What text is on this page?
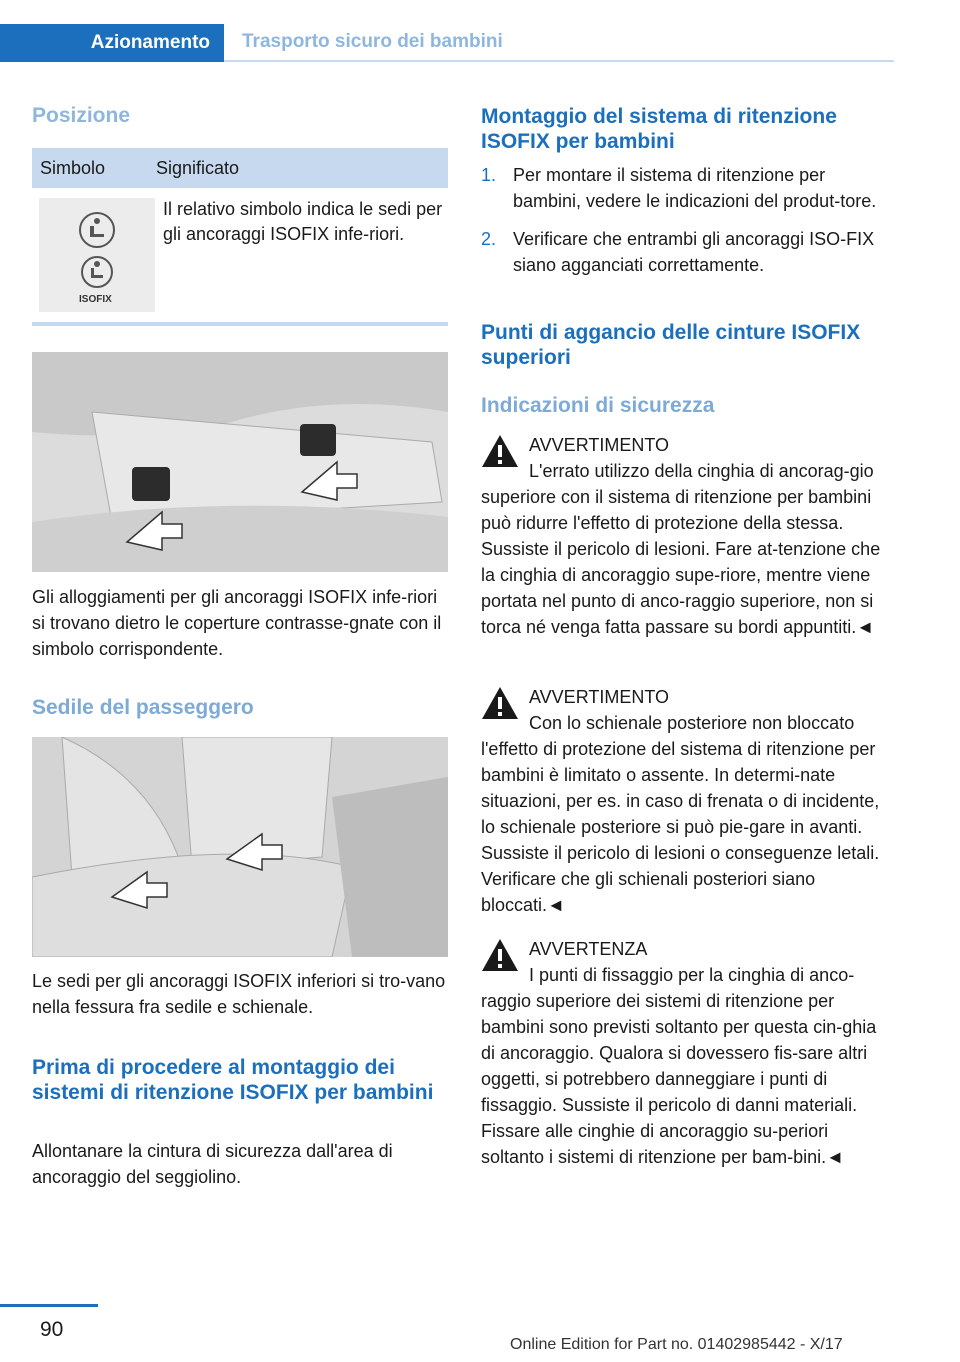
Azionamento	Trasporto sicuro dei bambini
Posizione
Simbolo	Significato
ISOFIX
Il relativo simbolo indica le sedi per gli ancoraggi ISOFIX infe-riori.
Gli alloggiamenti per gli ancoraggi ISOFIX infe-riori si trovano dietro le coperture contrasse-gnate con il simbolo corrispondente.
Sedile del passeggero
Le sedi per gli ancoraggi ISOFIX inferiori si tro-vano nella fessura fra sedile e schienale.
Prima di procedere al montaggio dei sistemi di ritenzione ISOFIX per bambini
Allontanare la cintura di sicurezza dall'area di ancoraggio del seggiolino.
Montaggio del sistema di ritenzione ISOFIX per bambini
1. Per montare il sistema di ritenzione per bambini, vedere le indicazioni del produt-tore.
2. Verificare che entrambi gli ancoraggi ISO-FIX siano agganciati correttamente.
Punti di aggancio delle cinture ISOFIX superiori
Indicazioni di sicurezza
AVVERTIMENTO
L'errato utilizzo della cinghia di ancorag-gio superiore con il sistema di ritenzione per bambini può ridurre l'effetto di protezione della stessa. Sussiste il pericolo di lesioni. Fare at-tenzione che la cinghia di ancoraggio supe-riore, mentre viene portata nel punto di anco-raggio superiore, non si torca né venga fatta passare su bordi appuntiti.◄
AVVERTIMENTO
Con lo schienale posteriore non bloccato l'effetto di protezione del sistema di ritenzione per bambini è limitato o assente. In determi-nate situazioni, per es. in caso di frenata o di incidente, lo schienale posteriore si può pie-gare in avanti. Sussiste il pericolo di lesioni o conseguenze letali. Verificare che gli schienali posteriori siano bloccati.◄
AVVERTENZA
I punti di fissaggio per la cinghia di anco-raggio superiore dei sistemi di ritenzione per bambini sono previsti soltanto per questa cin-ghia di ancoraggio. Qualora si dovessero fis-sare altri oggetti, si potrebbero danneggiare i punti di fissaggio. Sussiste il pericolo di danni materiali. Fissare alle cinghie di ancoraggio su-periori soltanto i sistemi di ritenzione per bam-bini.◄
90
Online Edition for Part no. 01402985442 - X/17
